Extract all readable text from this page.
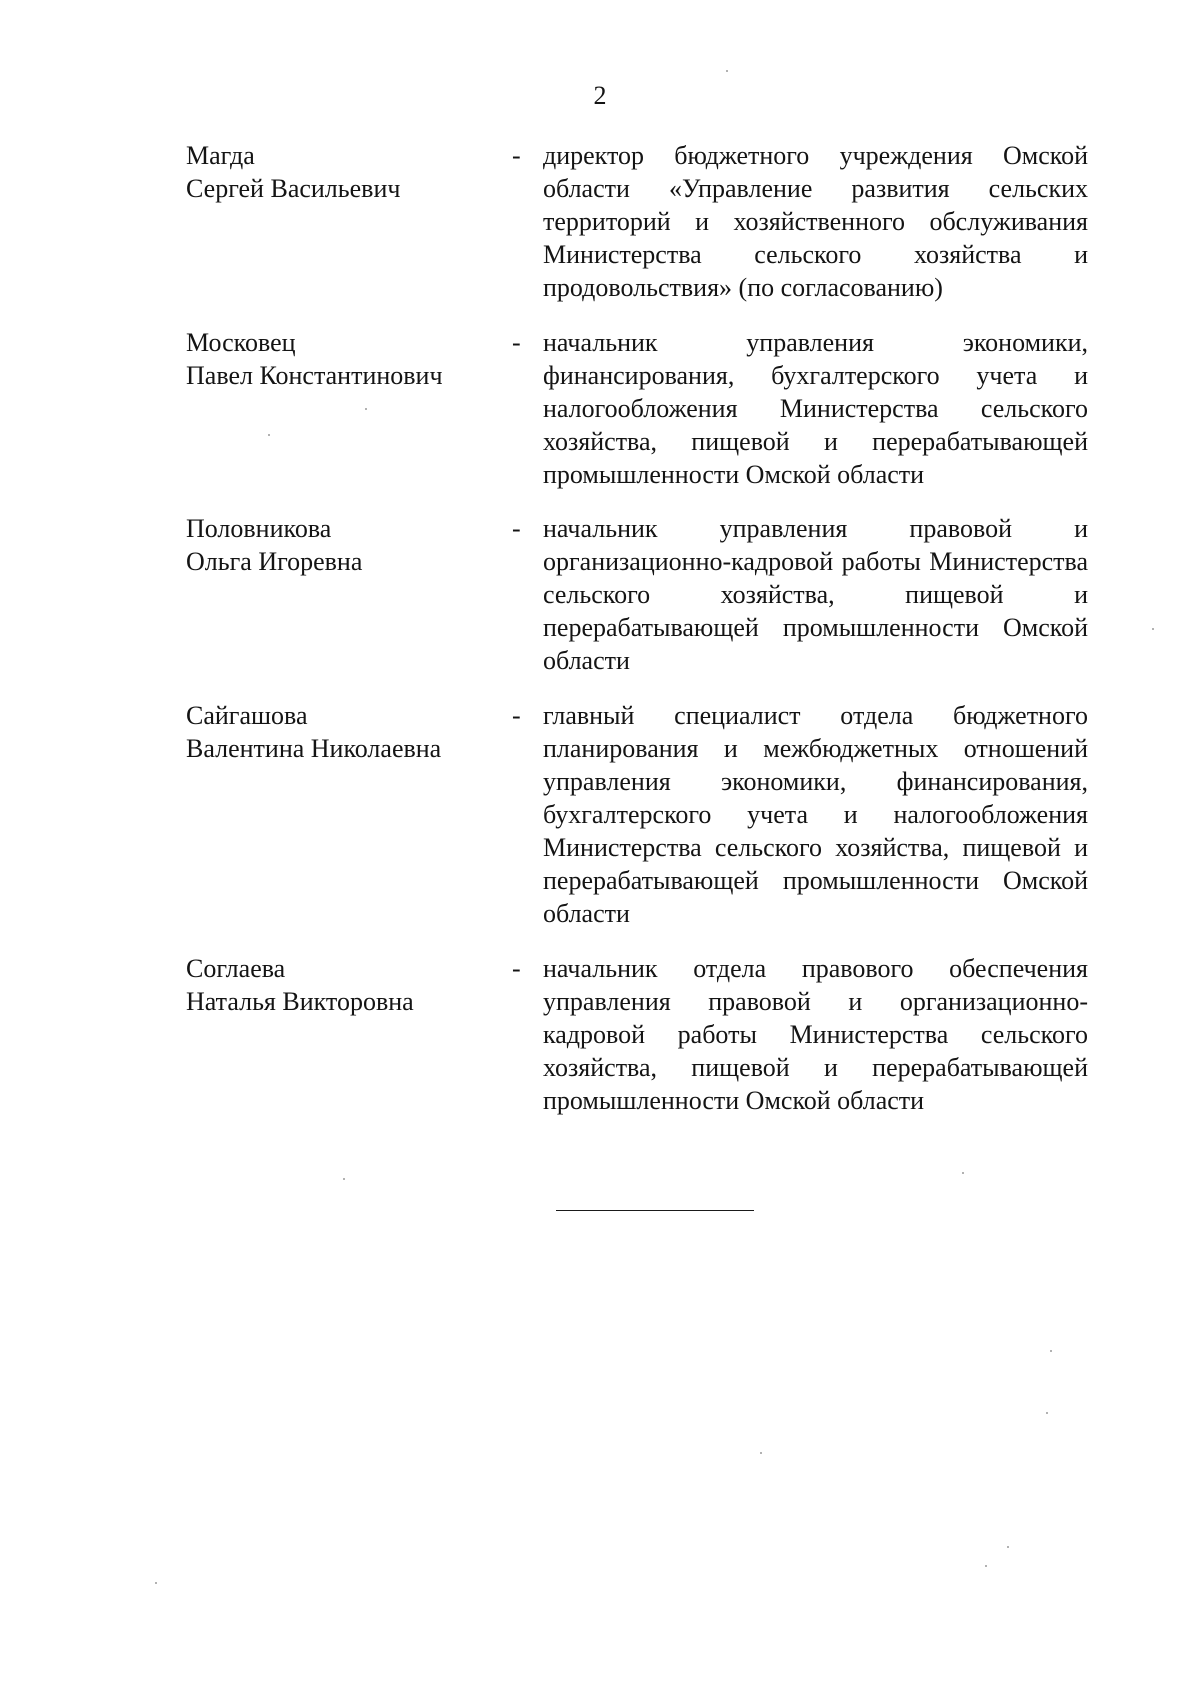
2
Магда
Сергей Васильевич
- директор бюджетного учреждения Омской области «Управление развития сельских территорий и хозяйственного обслуживания Министерства сельского хозяйства и продовольствия» (по согласованию)
Московец
Павел Константинович
- начальник управления экономики, финансирования, бухгалтерского учета и налогообложения Министерства сельского хозяйства, пищевой и перерабатывающей промышленности Омской области
Половникова
Ольга Игоревна
- начальник управления правовой и организационно-кадровой работы Министерства сельского хозяйства, пищевой и перерабатывающей промышленности Омской области
Сайгашова
Валентина Николаевна
- главный специалист отдела бюджетного планирования и межбюджетных отношений управления экономики, финансирования, бухгалтерского учета и налогообложения Министерства сельского хозяйства, пищевой и перерабатывающей промышленности Омской области
Соглаева
Наталья Викторовна
- начальник отдела правового обеспечения управления правовой и организационно-кадровой работы Министерства сельского хозяйства, пищевой и перерабатывающей промышленности Омской области
